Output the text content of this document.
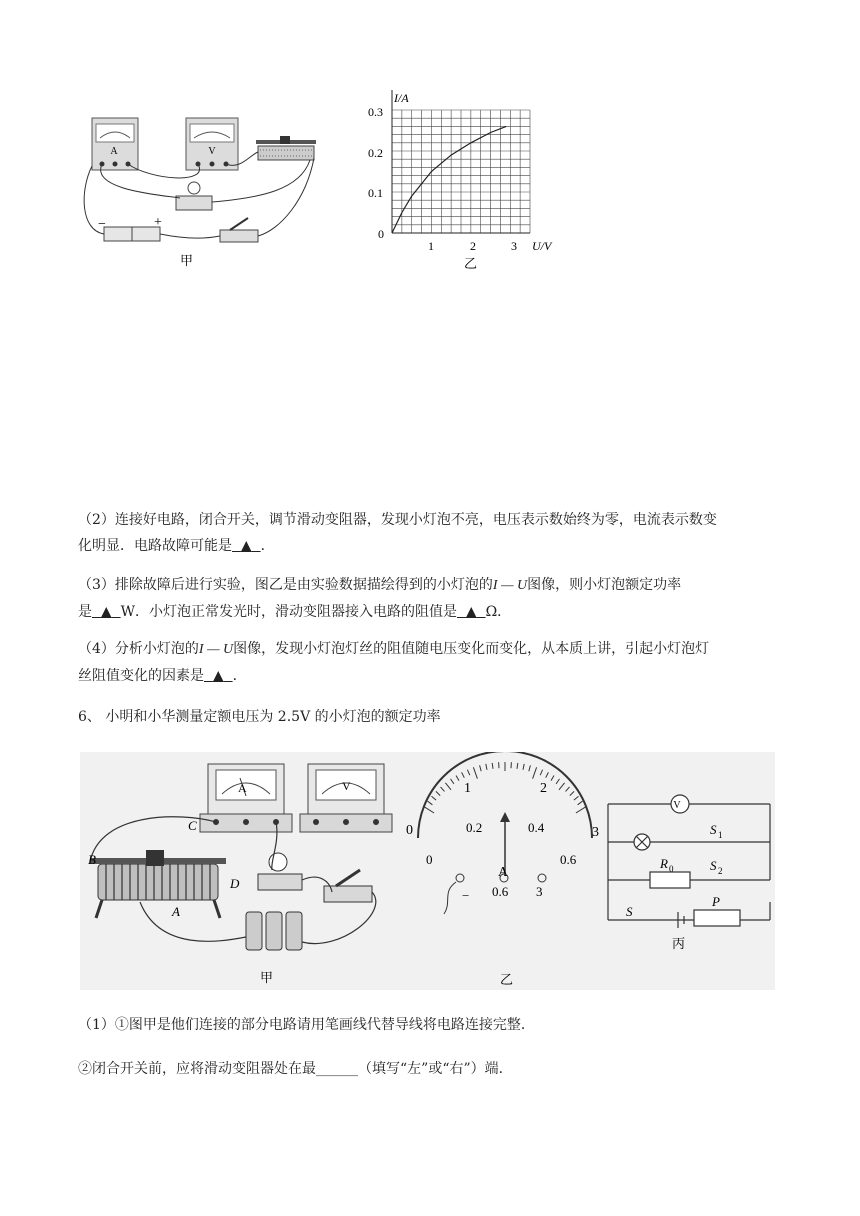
A	V
−	+
甲
I/A
U/V
0.3
0.2
0.1
0
1	2	3
乙
（2）连接好电路，闭合开关，调节滑动变阻器，发现小灯泡不亮，电压表示数始终为零，电流表示数变
化明显．电路故障可能是 ▲ ．
（3）排除故障后进行实验，图乙是由实验数据描绘得到的小灯泡的I — U图像，则小灯泡额定功率
是 ▲ W．小灯泡正常发光时，滑动变阻器接入电路的阻值是 ▲ Ω．
（4）分析小灯泡的I — U图像，发现小灯泡灯丝的阻值随电压变化而变化，从本质上讲，引起小灯泡灯
丝阻值变化的因素是 ▲ ．
6、 小明和小华测量定额电压为 2.5V 的小灯泡的额定功率
A	V
B
C
D
A
甲
0
1	2
3
0
0.2	0.4
0.6
A
− 0.6 3
乙
V
S 1
R 0	S 2
S
P
丙
（1）①图甲是他们连接的部分电路请用笔画线代替导线将电路连接完整．
②闭合开关前，应将滑动变阻器处在最______（填写“左”或“右”）端．
